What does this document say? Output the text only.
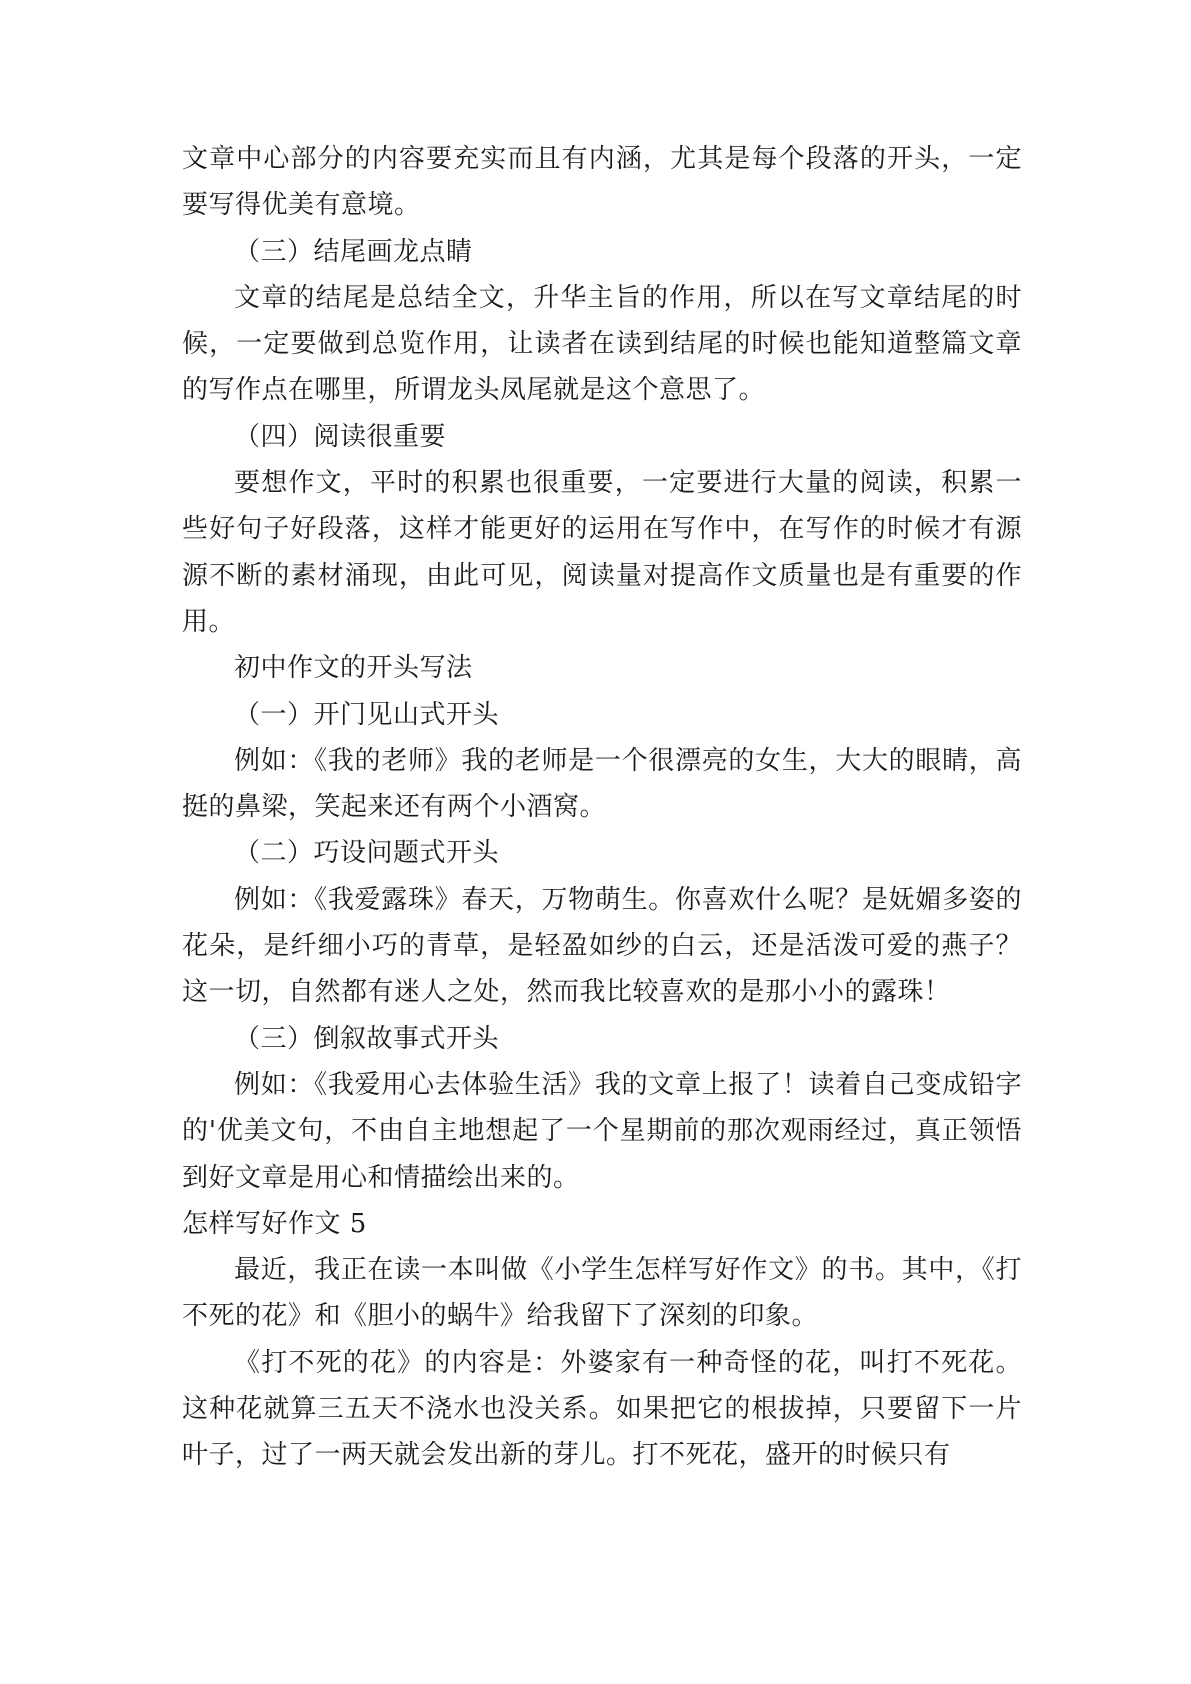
文章中心部分的内容要充实而且有内涵，尤其是每个段落的开头，一定要写得优美有意境。

（三）结尾画龙点睛

文章的结尾是总结全文，升华主旨的作用，所以在写文章结尾的时候，一定要做到总览作用，让读者在读到结尾的时候也能知道整篇文章的写作点在哪里，所谓龙头凤尾就是这个意思了。

（四）阅读很重要

要想作文，平时的积累也很重要，一定要进行大量的阅读，积累一些好句子好段落，这样才能更好的运用在写作中，在写作的时候才有源源不断的素材涌现，由此可见，阅读量对提高作文质量也是有重要的作用。

初中作文的开头写法

（一）开门见山式开头

例如：《我的老师》我的老师是一个很漂亮的女生，大大的眼睛，高挺的鼻梁，笑起来还有两个小酒窝。

（二）巧设问题式开头

例如：《我爱露珠》春天，万物萌生。你喜欢什么呢？是妩媚多姿的花朵，是纤细小巧的青草，是轻盈如纱的白云，还是活泼可爱的燕子？这一切，自然都有迷人之处，然而我比较喜欢的是那小小的露珠！

（三）倒叙故事式开头

例如：《我爱用心去体验生活》我的文章上报了！读着自己变成铅字的'优美文句，不由自主地想起了一个星期前的那次观雨经过，真正领悟到好文章是用心和情描绘出来的。

怎样写好作文 5

最近，我正在读一本叫做《小学生怎样写好作文》的书。其中，《打不死的花》和《胆小的蜗牛》给我留下了深刻的印象。

《打不死的花》的内容是：外婆家有一种奇怪的花，叫打不死花。这种花就算三五天不浇水也没关系。如果把它的根拔掉，只要留下一片叶子，过了一两天就会发出新的芽儿。打不死花，盛开的时候只有
